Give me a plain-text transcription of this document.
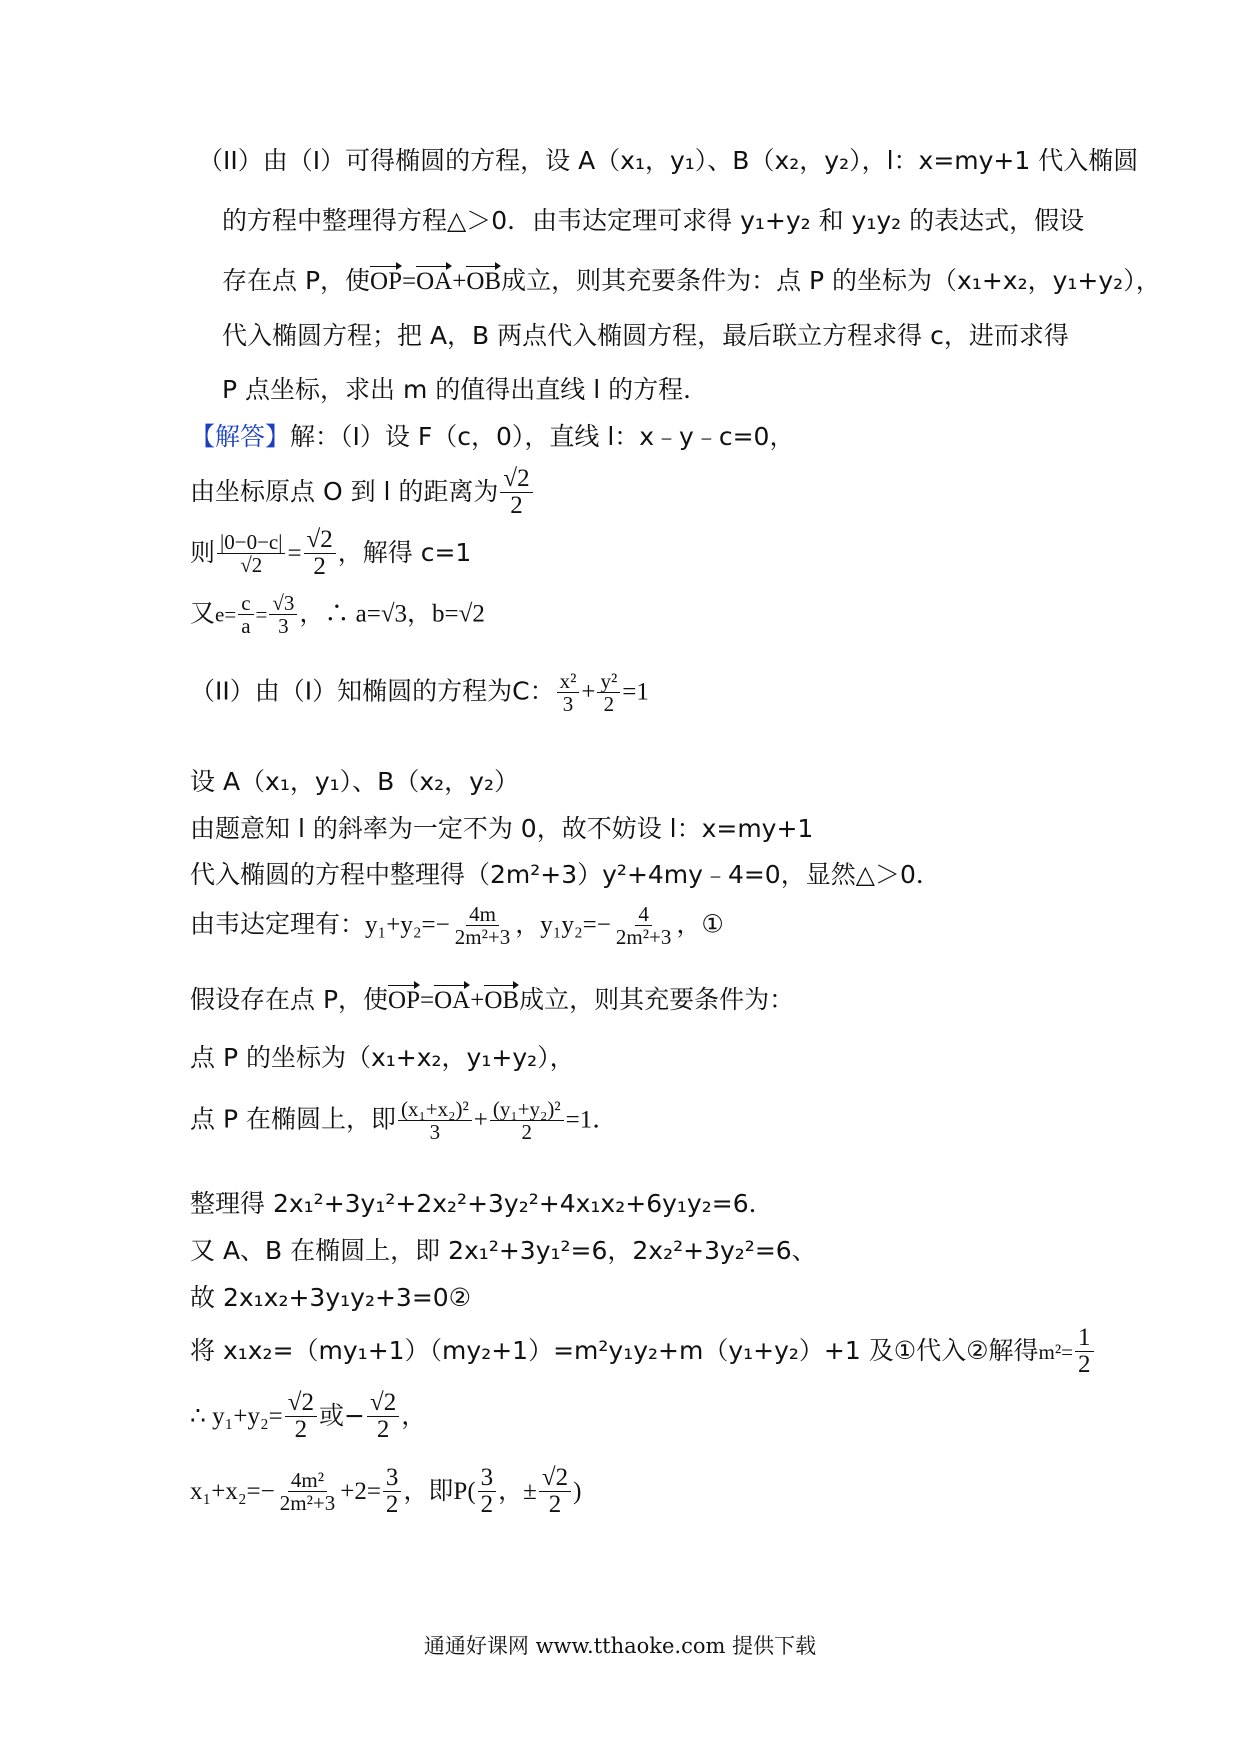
（II）由（I）可得椭圆的方程，设 A（x₁，y₁）、B（x₂，y₂），l：x=my+1 代入椭圆
的方程中整理得方程△＞0．由韦达定理可求得 y₁+y₂ 和 y₁y₂ 的表达式，假设
存在点 P，使OP=OA+OB成立，则其充要条件为：点 P 的坐标为（x₁+x₂，y₁+y₂），
代入椭圆方程；把 A，B 两点代入椭圆方程，最后联立方程求得 c，进而求得
P 点坐标，求出 m 的值得出直线 l 的方程．
【解答】解：（I）设 F（c，0），直线 l：x﹣y﹣c=0，
由坐标原点 O 到 l 的距离为 $\frac{√2}{2}$
则 $\frac{|0-0-c|}{√2} = \frac{√2}{2}$ ，解得 c=1
又$e= \frac{c}{a} = \frac{√3}{3}$ ，∴ a=√3，b=√2
（II）由（I）知椭圆的方程为C： $\frac{\text{x²}}{3} + \frac{\text{y²}}{2} =1$
设 A（x₁，y₁）、B（x₂，y₂）
由题意知 l 的斜率为一定不为 0，故不妨设 l：x=my+1
代入椭圆的方程中整理得（2m²+3）y²+4my﹣4=0，显然△＞0．
由韦达定理有：$y_1+y_2=- \frac{4m}{\text{2m²+3}}$ ，$y_1y_2=- \frac{4}{\text{2m²+3}}$ ，①
假设存在点 P，使OP=OA+OB成立，则其充要条件为：
点 P 的坐标为（x₁+x₂，y₁+y₂），
点 P 在椭圆上，即 $\frac{\text{(x₁+x₂)²}}{3} + \frac{\text{(y₁+y₂)²}}{2} =1$．
整理得 2x₁²+3y₁²+2x₂²+3y₂²+4x₁x₂+6y₁y₂=6．
又 A、B 在椭圆上，即 2x₁²+3y₁²=6，2x₂²+3y₂²=6、
故 2x₁x₂+3y₁y₂+3=0②
将 x₁x₂=（my₁+1）（my₂+1）=m²y₁y₂+m（y₁+y₂）+1 及①代入②解得$m^2= \frac{1}{2}$
∴ $y_1+y_2= \frac{√2}{2}$ 或− $\frac{√2}{2}$ ，
$x_1+x_2=- \frac{\text{4m²}}{\text{2m²+3}} +2= \frac{3}{2}$ ，即$P( \frac{3}{2}$ ，± $\frac{√2}{2}$ )
通通好课网 www.tthaoke.com 提供下载
